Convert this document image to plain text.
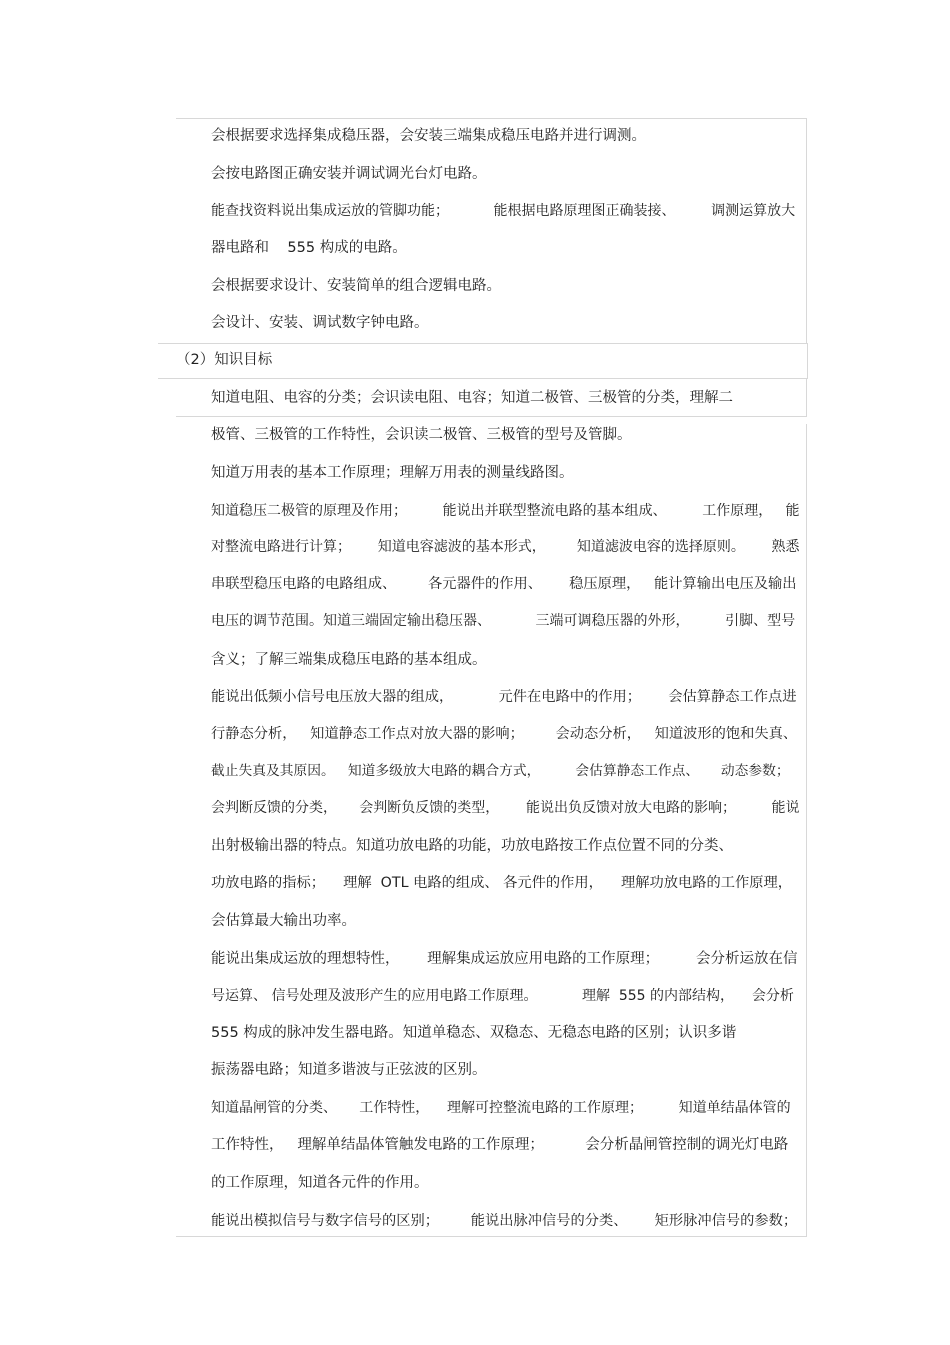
会根据要求选择集成稳压器，会安装三端集成稳压电路并进行调测。
会按电路图正确安装并调试调光台灯电路。
能查找资料说出集成运放的管脚功能；          能根据电路原理图正确装接、        调测运算放大
器电路和    555 构成的电路。
会根据要求设计、安装简单的组合逻辑电路。
会设计、安装、调试数字钟电路。
（2）知识目标
知道电阻、电容的分类；会识读电阻、电容；知道二极管、三极管的分类，理解二
极管、三极管的工作特性，会识读二极管、三极管的型号及管脚。
知道万用表的基本工作原理；理解万用表的测量线路图。
知道稳压二极管的原理及作用；        能说出并联型整流电路的基本组成、        工作原理，   能
对整流电路进行计算；      知道电容滤波的基本形式，       知道滤波电容的选择原则。      熟悉
串联型稳压电路的电路组成、       各元器件的作用、      稳压原理，   能计算输出电压及输出
电压的调节范围。知道三端固定输出稳压器、          三端可调稳压器的外形，        引脚、型号
含义；了解三端集成稳压电路的基本组成。
能说出低频小信号电压放大器的组成，          元件在电路中的作用；      会估算静态工作点进
行静态分析，   知道静态工作点对放大器的影响；       会动态分析，   知道波形的饱和失真、
截止失真及其原因。   知道多级放大电路的耦合方式，        会估算静态工作点、     动态参数；
会判断反馈的分类，     会判断负反馈的类型，      能说出负反馈对放大电路的影响；        能说
出射极输出器的特点。知道功放电路的功能，功放电路按工作点位置不同的分类、
功放电路的指标；    理解  OTL 电路的组成、 各元件的作用，    理解功放电路的工作原理，
会估算最大输出功率。
能说出集成运放的理想特性，      理解集成运放应用电路的工作原理；        会分析运放在信
号运算、 信号处理及波形产生的应用电路工作原理。          理解  555 的内部结构，    会分析
555 构成的脉冲发生器电路。知道单稳态、双稳态、无稳态电路的区别；认识多谐
振荡器电路；知道多谐波与正弦波的区别。
知道晶闸管的分类、     工作特性，    理解可控整流电路的工作原理；        知道单结晶体管的
工作特性，   理解单结晶体管触发电路的工作原理；         会分析晶闸管控制的调光灯电路
的工作原理，知道各元件的作用。
能说出模拟信号与数字信号的区别；       能说出脉冲信号的分类、      矩形脉冲信号的参数；
